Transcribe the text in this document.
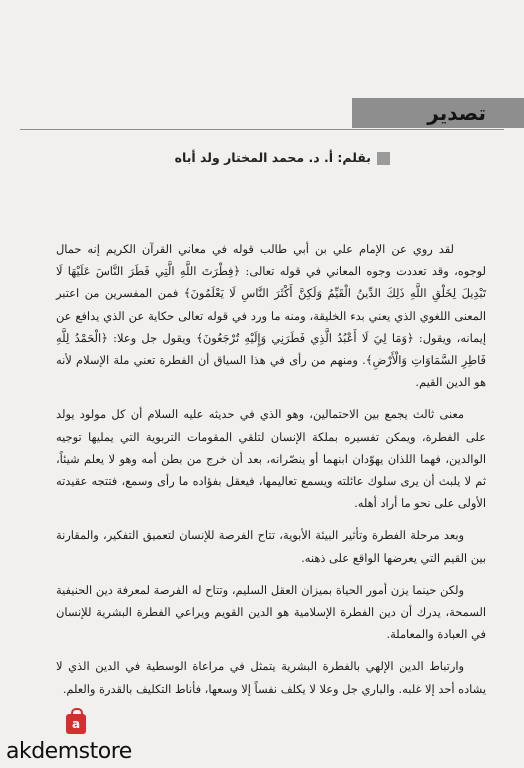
تصدير
بقلم: أ. د. محمد المختار ولد أباه

لقد روي عن الإمام علي بن أبي طالب قوله في معاني القرآن الكريم إنه حمال لوجوه، وقد تعددت وجوه المعاني في قوله تعالى: ﴿فِطْرَتَ اللَّهِ الَّتِي فَطَرَ النَّاسَ عَلَيْهَا لَا تَبْدِيلَ لِخَلْقِ اللَّهِ ذَلِكَ الدِّينُ الْقَيِّمُ وَلَكِنَّ أَكْثَرَ النَّاسِ لَا يَعْلَمُونَ﴾ فمن المفسرين من اعتبر المعنى اللغوي الذي يعني بدء الخليقة، ومنه ما ورد في قوله تعالى حكاية عن الذي يدافع عن إيمانه، ويقول: ﴿وَمَا لِيَ لَا أَعْبُدُ الَّذِي فَطَرَنِي وَإِلَيْهِ تُرْجَعُونَ﴾ ويقول جل وعلا: ﴿الْحَمْدُ لِلَّهِ فَاطِرِ السَّمَاوَاتِ وَالْأَرْضِ﴾. ومنهم من رأى في هذا السياق أن الفطرة تعني ملة الإسلام لأنه هو الدين القيم.

معنى ثالث يجمع بين الاحتمالين، وهو الذي في حديثه عليه السلام أن كل مولود يولد على الفطرة، ويمكن تفسيره بملكة الإنسان لتلقي المقومات التربوية التي يمليها توجيه الوالدين، فهما اللذان يهوّدان ابنهما أو ينصّرانه، بعد أن خرج من بطن أمه وهو لا يعلم شيئاً، ثم لا يلبث أن يرى سلوك عائلته ويسمع تعاليمها، فيعقل بفؤاده ما رأى وسمع، فتتجه عقيدته الأولى على نحو ما أراد أهله.

وبعد مرحلة الفطرة وتأثير البيئة الأبوية، تتاح الفرصة للإنسان لتعميق التفكير، والمقارنة بين القيم التي يعرضها الواقع على ذهنه.

ولكن حينما يزن أمور الحياة بميزان العقل السليم، وتتاح له الفرصة لمعرفة دين الحنيفية السمحة، يدرك أن دين الفطرة الإسلامية هو الدين القويم ويراعي الفطرة البشرية للإنسان في العبادة والمعاملة.

وارتباط الدين الإلهي بالفطرة البشرية يتمثل في مراعاة الوسطية في الدين الذي لا يشاده أحد إلا غلبه. والباري جل وعلا لا يكلف نفساً إلا وسعها، فأناط التكليف بالقدرة والعلم.

a
akdemstore
